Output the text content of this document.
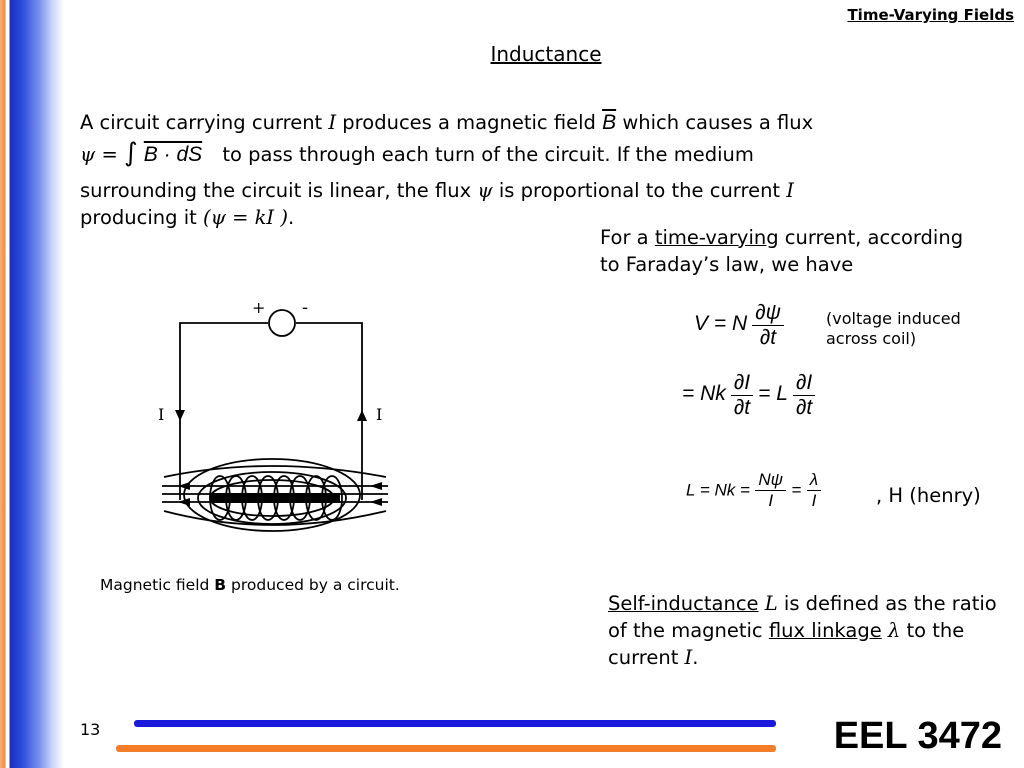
Time-Varying Fields
Inductance
A circuit carrying current I produces a magnetic field $\overline{B}$ which causes a flux
ψ = ∫ B · dS to pass through each turn of the circuit. If the medium
surrounding the circuit is linear, the flux ψ is proportional to the current I
producing it (ψ = kI ).
For a time-varying current, according to Faraday’s law, we have
V = N $\frac{\partial\psi}{\partial t}$	(voltage induced across coil)
= Nk $\frac{\partial I}{\partial t} = L \frac{\partial I}{\partial t}$
$L = Nk = \frac{N\psi}{I} = \frac{\lambda}{I}$	, H (henry)
Self-inductance L is defined as the ratio of the magnetic flux linkage λ to the current I.
+ -
I	I
Magnetic field B produced by a circuit.
13	EEL 3472
